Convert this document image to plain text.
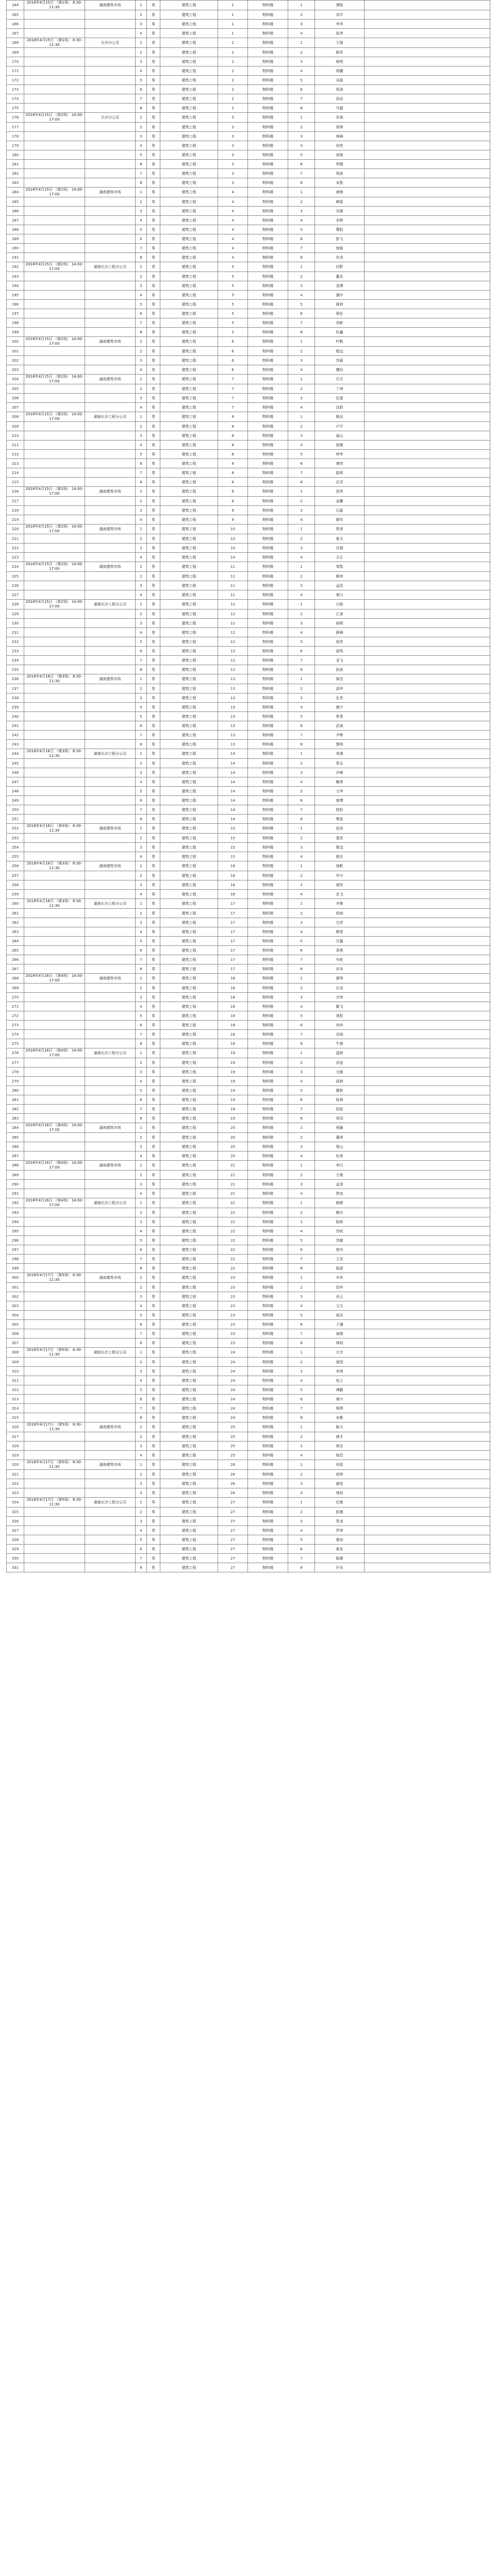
164	2018年4月15日 （第1场） 8:30-11:30	湖南建筑市场	1	男	建筑工程	1	物科楼	1	谭凯	
165			2	男	建筑工程	1	物科楼	2	刘平	
166			3	男	建筑工程	1	物科楼	3	李华	
167			4	男	建筑工程	1	物科楼	4	张伟	
168	2018年4月15日 （第1场） 8:30-11:30	长沙分公司	1	男	建筑工程	2	物科楼	1	王强	
169			2	男	建筑工程	2	物科楼	2	陈军	
170			3	男	建筑工程	2	物科楼	3	杨明	
171			4	男	建筑工程	2	物科楼	4	周鹏	
172			5	男	建筑工程	2	物科楼	5	吴磊	
173			6	男	建筑工程	2	物科楼	6	郑涛	
174			7	男	建筑工程	2	物科楼	7	孙浩	
175			8	男	建筑工程	2	物科楼	8	马超	
176	2018年4月15日 （第2场） 14:00-17:00	长沙分公司	1	男	建筑工程	3	物科楼	1	朱斌	
177			2	男	建筑工程	3	物科楼	2	胡勇	
178			3	男	建筑工程	3	物科楼	3	林峰	
179			4	男	建筑工程	3	物科楼	4	何亮	
180			5	男	建筑工程	3	物科楼	5	高翔	
181			6	男	建筑工程	3	物科楼	6	罗健	
182			7	男	建筑工程	3	物科楼	7	梁波	
183			8	男	建筑工程	3	物科楼	8	宋凯	
184	2018年4月15日 （第2场） 14:00-17:00	湖南建筑市场	1	男	建筑工程	4	物科楼	1	唐俊	
185			2	男	建筑工程	4	物科楼	2	韩雷	
186			3	男	建筑工程	4	物科楼	3	冯刚	
187			4	男	建筑工程	4	物科楼	4	邓辉	
188			5	男	建筑工程	4	物科楼	5	曹阳	
189			6	男	建筑工程	4	物科楼	6	彭飞	
190			7	男	建筑工程	4	物科楼	7	曾毅	
191			8	男	建筑工程	4	物科楼	8	肖龙	
192	2018年4月15日 （第2场） 14:00-17:00	湖南长沙工程分公司	1	男	建筑工程	5	物科楼	1	田野	
193			2	男	建筑工程	5	物科楼	2	董杰	
194			3	男	建筑工程	5	物科楼	3	袁博	
195			4	男	建筑工程	5	物科楼	4	潘宇	
196			5	男	建筑工程	5	物科楼	5	蒋帅	
197			6	男	建筑工程	5	物科楼	6	蔡伦	
198			7	男	建筑工程	5	物科楼	7	余彬	
199			8	男	建筑工程	5	物科楼	8	杜鑫	
200	2018年4月15日 （第2场） 14:00-17:00	湖南建筑市场	1	男	建筑工程	6	物科楼	1	叶帆	
201			2	男	建筑工程	6	物科楼	2	程远	
202			3	男	建筑工程	6	物科楼	3	苏晨	
203			4	男	建筑工程	6	物科楼	4	魏东	
204	2018年4月15日 （第2场） 14:00-17:00	湖南建筑市场	1	男	建筑工程	7	物科楼	1	吕方	
205			2	男	建筑工程	7	物科楼	2	丁坤	
206			3	男	建筑工程	7	物科楼	3	任重	
207			4	男	建筑工程	7	物科楼	4	沈阳	
208	2018年4月15日 （第2场） 14:00-17:00	湖南长沙工程分公司	1	男	建筑工程	8	物科楼	1	姚远	
209			2	男	建筑工程	8	物科楼	2	卢平	
210			3	男	建筑工程	8	物科楼	3	姜山	
211			4	男	建筑工程	8	物科楼	4	崔健	
212			5	男	建筑工程	8	物科楼	5	钟华	
213			6	男	建筑工程	8	物科楼	6	谭亮	
214			7	男	建筑工程	8	物科楼	7	陆明	
215			8	男	建筑工程	8	物科楼	8	汪洋	
216	2018年4月15日 （第2场） 14:00-17:00	湖南建筑市场	1	男	建筑工程	9	物科楼	1	范伟	
217			2	男	建筑工程	9	物科楼	2	金鹏	
218			3	男	建筑工程	9	物科楼	3	石磊	
219			4	男	建筑工程	9	物科楼	4	廖军	
220	2018年4月15日 （第2场） 14:00-17:00	湖南建筑市场	1	男	建筑工程	10	物科楼	1	贾涛	
221			2	男	建筑工程	10	物科楼	2	夏天	
222			3	男	建筑工程	10	物科楼	3	付强	
223			4	男	建筑工程	10	物科楼	4	方正	
224	2018年4月15日 （第2场） 14:00-17:00	湖南建筑市场	1	男	建筑工程	11	物科楼	1	邹凯	
225			2	男	建筑工程	11	物科楼	2	熊伟	
226			3	男	建筑工程	11	物科楼	3	孟浩	
227			4	男	建筑工程	11	物科楼	4	秦川	
228	2018年4月15日 （第2场） 14:00-17:00	湖南长沙工程分公司	1	男	建筑工程	12	物科楼	1	白杨	
229			2	男	建筑工程	12	物科楼	2	江涛	
230			3	男	建筑工程	12	物科楼	3	阎明	
231			4	男	建筑工程	12	物科楼	4	薛峰	
232			5	男	建筑工程	12	物科楼	5	侯亮	
233			6	男	建筑工程	12	物科楼	6	雷鸣	
234			7	男	建筑工程	12	物科楼	7	龙飞	
235			8	男	建筑工程	12	物科楼	8	段波	
236	2018年4月16日 （第3场） 8:30-11:30	湖南建筑市场	1	男	建筑工程	13	物科楼	1	郝杰	
237			2	男	建筑工程	13	物科楼	2	邵华	
238			3	男	建筑工程	13	物科楼	3	孔亮	
239			4	男	建筑工程	13	物科楼	4	康宁	
240			5	男	建筑工程	13	物科楼	5	常青	
241			6	男	建筑工程	13	物科楼	6	武斌	
242			7	男	建筑工程	13	物科楼	7	尹辉	
243			8	男	建筑工程	13	物科楼	8	黎明	
244	2018年4月16日 （第3场） 8:30-11:30	湖南长沙工程分公司	1	男	建筑工程	14	物科楼	1	易刚	
245			2	男	建筑工程	14	物科楼	2	常乐	
246			3	男	建筑工程	14	物科楼	3	乔峰	
247			4	男	建筑工程	14	物科楼	4	赖勇	
248			5	男	建筑工程	14	物科楼	5	文华	
249			6	男	建筑工程	14	物科楼	6	庞博	
250			7	男	建筑工程	14	物科楼	7	欧阳	
251			8	男	建筑工程	14	物科楼	8	樊星	
252	2018年4月16日 （第3场） 8:30-11:30	湖南建筑市场	1	男	建筑工程	15	物科楼	1	包容	
253			2	男	建筑工程	15	物科楼	2	葛亮	
254			3	男	建筑工程	15	物科楼	3	鲁迅	
255			4	男	建筑工程	15	物科楼	4	殷实	
256	2018年4月16日 （第3场） 8:30-11:30	湖南建筑市场	1	男	建筑工程	16	物科楼	1	翁帆	
257			2	男	建筑工程	16	物科楼	2	毕升	
258			3	男	建筑工程	16	物科楼	3	褚军	
259			4	男	建筑工程	16	物科楼	4	岳飞	
260	2018年4月16日 （第3场） 8:30-11:30	湖南长沙工程分公司	1	男	建筑工程	17	物科楼	1	齐鲁	
261			2	男	建筑工程	17	物科楼	2	柯南	
262			3	男	建筑工程	17	物科楼	3	左岸	
263			4	男	建筑工程	17	物科楼	4	柳青	
264			5	男	建筑工程	17	物科楼	5	甘露	
265			6	男	建筑工程	17	物科楼	6	裴勇	
266			7	男	建筑工程	17	物科楼	7	车轮	
267			8	男	建筑工程	17	物科楼	8	宫本	
268	2018年4月16日 （第4场） 14:00-17:00	湖南建筑市场	1	男	建筑工程	18	物科楼	1	霍明	
269			2	男	建筑工程	18	物科楼	2	应龙	
270			3	男	建筑工程	18	物科楼	3	宗伟	
271			4	男	建筑工程	18	物科楼	4	滕飞	
272			5	男	建筑工程	18	物科楼	5	景阳	
273			6	男	建筑工程	18	物科楼	6	冉冉	
274			7	男	建筑工程	18	物科楼	7	谷雨	
275			8	男	建筑工程	18	物科楼	8	牛顿	
276	2018年4月16日 （第4场） 14:00-17:00	湖南长沙工程分公司	1	男	建筑工程	19	物科楼	1	温和	
277			2	男	建筑工程	19	物科楼	2	祁连	
278			3	男	建筑工程	19	物科楼	3	毛毅	
279			4	男	建筑工程	19	物科楼	4	邱林	
280			5	男	建筑工程	19	物科楼	5	瞿秋	
281			6	男	建筑工程	19	物科楼	6	桂林	
282			7	男	建筑工程	19	物科楼	7	屈原	
283			8	男	建筑工程	19	物科楼	8	项羽	
284	2018年4月16日 （第4场） 14:00-17:00	湖南建筑市场	1	男	建筑工程	20	物科楼	1	祝融	
285			2	男	建筑工程	20	物科楼	2	董明	
286			3	男	建筑工程	20	物科楼	3	梁山	
287			4	男	建筑工程	20	物科楼	4	杜甫	
288	2018年4月16日 （第4场） 14:00-17:00	湖南建筑市场	1	男	建筑工程	21	物科楼	1	李白	
289			2	男	建筑工程	21	物科楼	2	王维	
290			3	男	建筑工程	21	物科楼	3	孟郊	
291			4	男	建筑工程	21	物科楼	4	贾岛	
292	2018年4月16日 （第4场） 14:00-17:00	湖南长沙工程分公司	1	男	建筑工程	22	物科楼	1	韩愈	
293			2	男	建筑工程	22	物科楼	2	柳宗	
294			3	男	建筑工程	22	物科楼	3	欧修	
295			4	男	建筑工程	22	物科楼	4	苏轼	
296			5	男	建筑工程	22	物科楼	5	苏辙	
297			6	男	建筑工程	22	物科楼	6	曾巩	
298			7	男	建筑工程	22	物科楼	7	王安	
299			8	男	建筑工程	22	物科楼	8	陆游	
300	2018年4月17日 （第5场） 8:30-11:30	湖南建筑市场	1	男	建筑工程	23	物科楼	1	辛弃	
301			2	男	建筑工程	23	物科楼	2	范仲	
302			3	男	建筑工程	23	物科楼	3	岳云	
303			4	男	建筑工程	23	物科楼	4	文天	
304			5	男	建筑工程	23	物科楼	5	戚光	
305			6	男	建筑工程	23	物科楼	6	于谦	
306			7	男	建筑工程	23	物科楼	7	海瑞	
307			8	男	建筑工程	23	物科楼	8	林则	
308	2018年4月17日 （第5场） 8:30-11:30	湖南长沙工程分公司	1	男	建筑工程	24	物科楼	1	左宗	
309			2	男	建筑工程	24	物科楼	2	曾国	
310			3	男	建筑工程	24	物科楼	3	李鸿	
311			4	男	建筑工程	24	物科楼	4	张之	
312			5	男	建筑工程	24	物科楼	5	谭嗣	
313			6	男	建筑工程	24	物科楼	6	黄兴	
314			7	男	建筑工程	24	物科楼	7	蔡锷	
315			8	男	建筑工程	24	物科楼	8	宋教	
316	2018年4月17日 （第5场） 8:30-11:30	湖南建筑市场	1	男	建筑工程	25	物科楼	1	陈天	
317			2	男	建筑工程	25	物科楼	2	唐才	
318			3	男	建筑工程	25	物科楼	3	焦达	
319			4	男	建筑工程	25	物科楼	4	杨昌	
320	2018年4月17日 （第5场） 8:30-11:30	湖南建筑市场	1	男	建筑工程	26	物科楼	1	何叔	
321			2	男	建筑工程	26	物科楼	2	徐特	
322			3	男	建筑工程	26	物科楼	3	谢觉	
323			4	男	建筑工程	26	物科楼	4	林伯	
324	2018年4月17日 （第5场） 8:30-11:30	湖南长沙工程分公司	1	男	建筑工程	27	物科楼	1	任弼	
325			2	男	建筑工程	27	物科楼	2	彭德	
326			3	男	建筑工程	27	物科楼	3	贺龙	
327			4	男	建筑工程	27	物科楼	4	罗荣	
328			5	男	建筑工程	27	物科楼	5	粟裕	
329			6	男	建筑工程	27	物科楼	6	黄克	
330			7	男	建筑工程	27	物科楼	7	陈赓	
331			8	男	建筑工程	27	物科楼	8	许光	
